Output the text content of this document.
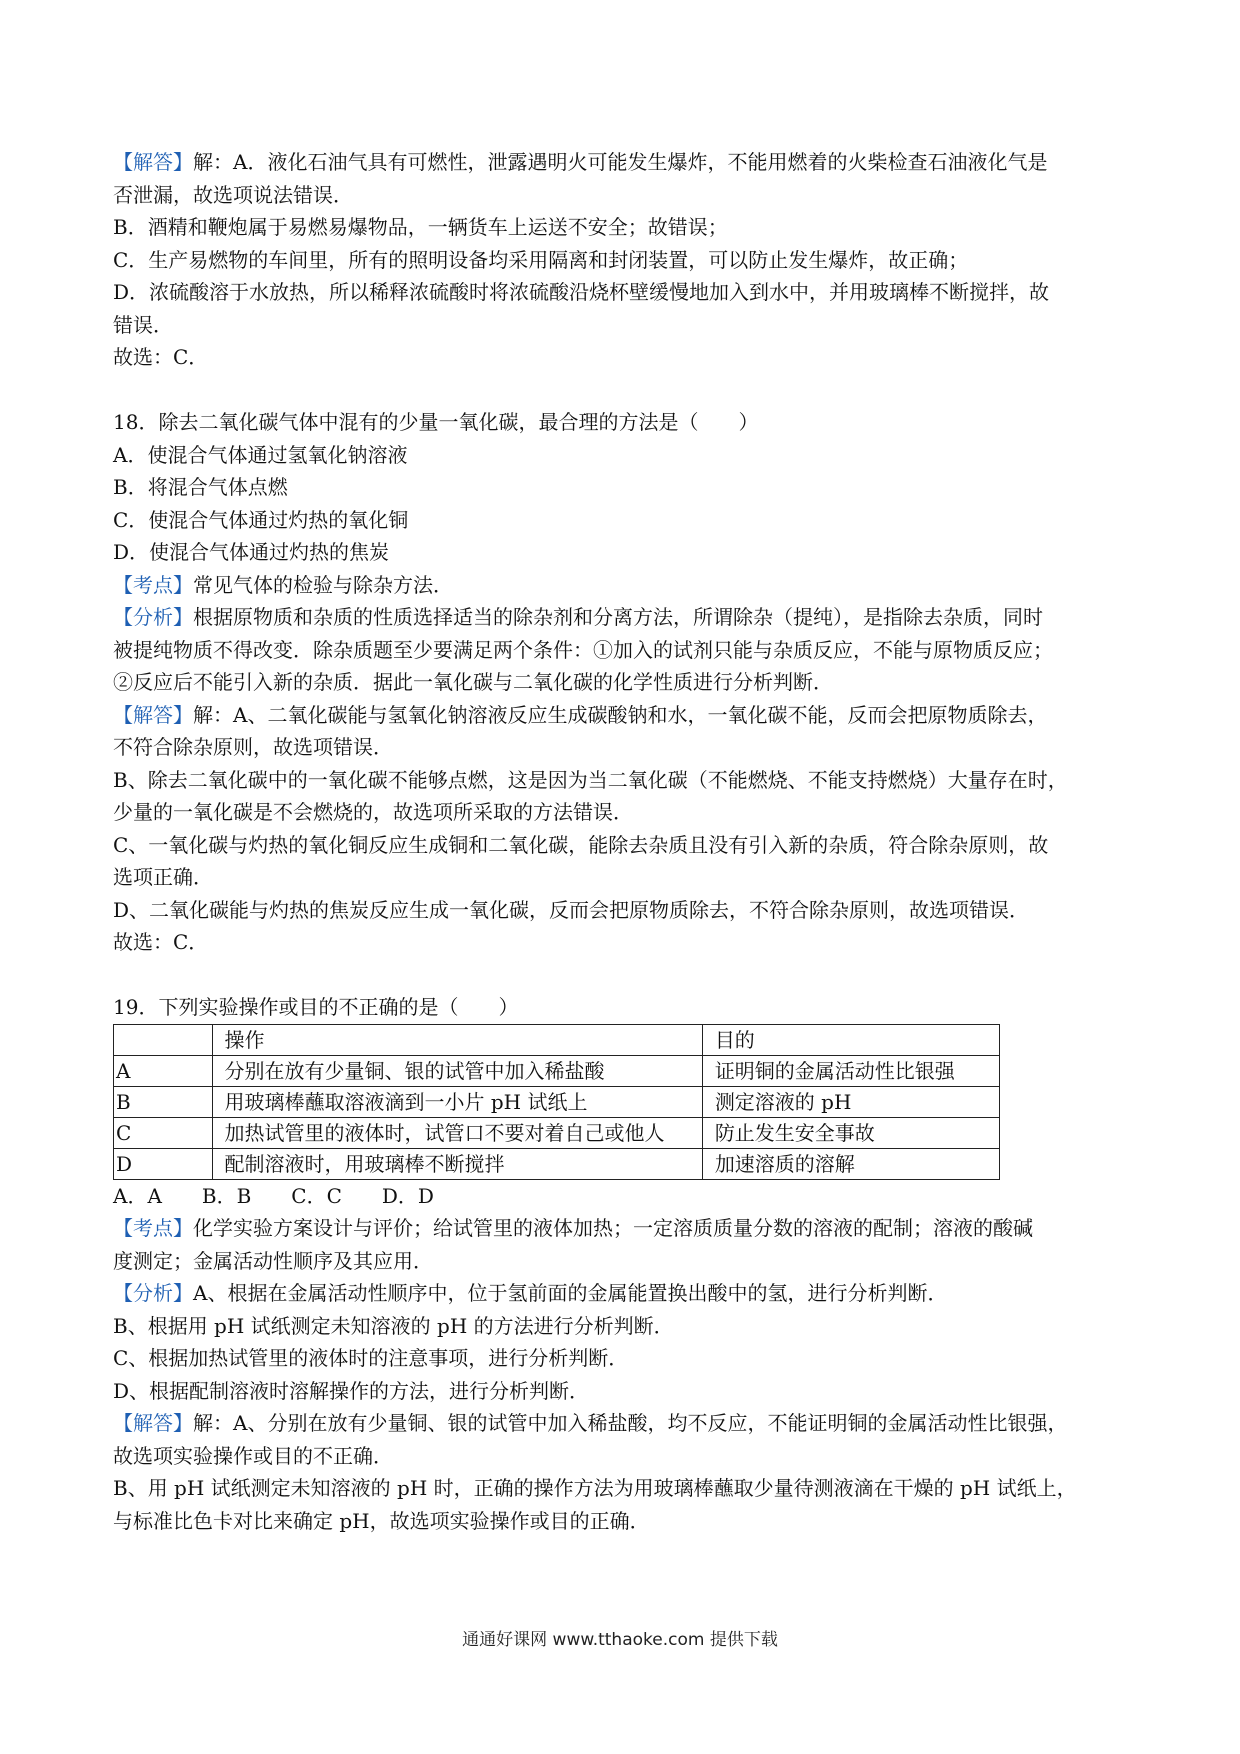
【解答】解：A．液化石油气具有可燃性，泄露遇明火可能发生爆炸，不能用燃着的火柴检查石油液化气是
否泄漏，故选项说法错误．
B．酒精和鞭炮属于易燃易爆物品，一辆货车上运送不安全；故错误；
C．生产易燃物的车间里，所有的照明设备均采用隔离和封闭装置，可以防止发生爆炸，故正确；
D．浓硫酸溶于水放热，所以稀释浓硫酸时将浓硫酸沿烧杯壁缓慢地加入到水中，并用玻璃棒不断搅拌，故
错误．
故选：C．
18．除去二氧化碳气体中混有的少量一氧化碳，最合理的方法是（　　）
A．使混合气体通过氢氧化钠溶液
B．将混合气体点燃
C．使混合气体通过灼热的氧化铜
D．使混合气体通过灼热的焦炭
【考点】常见气体的检验与除杂方法．
【分析】根据原物质和杂质的性质选择适当的除杂剂和分离方法，所谓除杂（提纯），是指除去杂质，同时
被提纯物质不得改变．除杂质题至少要满足两个条件：①加入的试剂只能与杂质反应，不能与原物质反应；
②反应后不能引入新的杂质．据此一氧化碳与二氧化碳的化学性质进行分析判断．
【解答】解：A、二氧化碳能与氢氧化钠溶液反应生成碳酸钠和水，一氧化碳不能，反而会把原物质除去，
不符合除杂原则，故选项错误．
B、除去二氧化碳中的一氧化碳不能够点燃，这是因为当二氧化碳（不能燃烧、不能支持燃烧）大量存在时，
少量的一氧化碳是不会燃烧的，故选项所采取的方法错误．
C、一氧化碳与灼热的氧化铜反应生成铜和二氧化碳，能除去杂质且没有引入新的杂质，符合除杂原则，故
选项正确．
D、二氧化碳能与灼热的焦炭反应生成一氧化碳，反而会把原物质除去，不符合除杂原则，故选项错误．
故选：C．
19．下列实验操作或目的不正确的是（　　）
	操作	目的
A	分别在放有少量铜、银的试管中加入稀盐酸	证明铜的金属活动性比银强
B	用玻璃棒蘸取溶液滴到一小片 pH 试纸上	测定溶液的 pH
C	加热试管里的液体时，试管口不要对着自己或他人	防止发生安全事故
D	配制溶液时，用玻璃棒不断搅拌	加速溶质的溶解
A．A　　B．B　　C．C　　D．D
【考点】化学实验方案设计与评价；给试管里的液体加热；一定溶质质量分数的溶液的配制；溶液的酸碱
度测定；金属活动性顺序及其应用．
【分析】A、根据在金属活动性顺序中，位于氢前面的金属能置换出酸中的氢，进行分析判断．
B、根据用 pH 试纸测定未知溶液的 pH 的方法进行分析判断．
C、根据加热试管里的液体时的注意事项，进行分析判断．
D、根据配制溶液时溶解操作的方法，进行分析判断．
【解答】解：A、分别在放有少量铜、银的试管中加入稀盐酸，均不反应，不能证明铜的金属活动性比银强，
故选项实验操作或目的不正确．
B、用 pH 试纸测定未知溶液的 pH 时，正确的操作方法为用玻璃棒蘸取少量待测液滴在干燥的 pH 试纸上，
与标准比色卡对比来确定 pH，故选项实验操作或目的正确．
通通好课网 www.tthaoke.com 提供下载
